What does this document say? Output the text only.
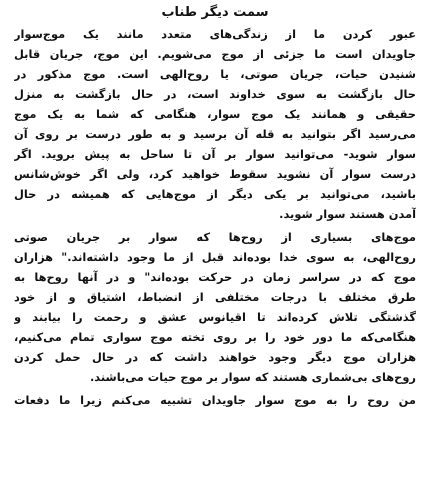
سمت دیگر طناب
عبور کردن ما از زندگی‌های متعدد مانند یک موج‌سوار
جاویدان است ما جزئی از موج می‌شویم. این موج، جریان قابل
شنیدن حیات، جریان صوتی، یا روح‌الهی است. موج مذکور در
حال بازگشت به سوی خداوند است، در حال بازگشت به منزل
حقیقی و همانند یک موج سوار، هنگامی که شما به یک موج
می‌رسید اگر بتوانید به قله آن برسید و به طور درست بر روی آن
سوار شوید- می‌توانید سوار بر آن تا ساحل به پیش بروید. اگر
درست سوار آن نشوید سقوط خواهید کرد، ولی اگر خوش‌شانس
باشید، می‌توانید بر یکی دیگر از موج‌هایی که همیشه در حال
آمدن هستند سوار شوید.
موج‌های بسیاری از روح‌ها که سوار بر جریان صوتی
روح‌الهی، به سوی خدا بوده‌اند قبل از ما وجود داشته‌اند." هزاران
موج که در سراسر زمان در حرکت بوده‌اند" و در آنها روح‌ها به
طرق مختلف با درجات مختلفی از انضباط، اشتیاق و از خود
گذشتگی تلاش کرده‌اند تا اقیانوس عشق و رحمت را بیابند و
هنگامی‌که ما دور خود را بر روی تخته موج سواری تمام می‌کنیم،
هزاران موج دیگر وجود خواهند داشت که در حال حمل کردن
روح‌های بی‌شماری هستند که سوار بر موج حیات می‌باشند.
من روح را به موج سوار جاویدان تشبیه می‌کنم زیرا ما دفعات
